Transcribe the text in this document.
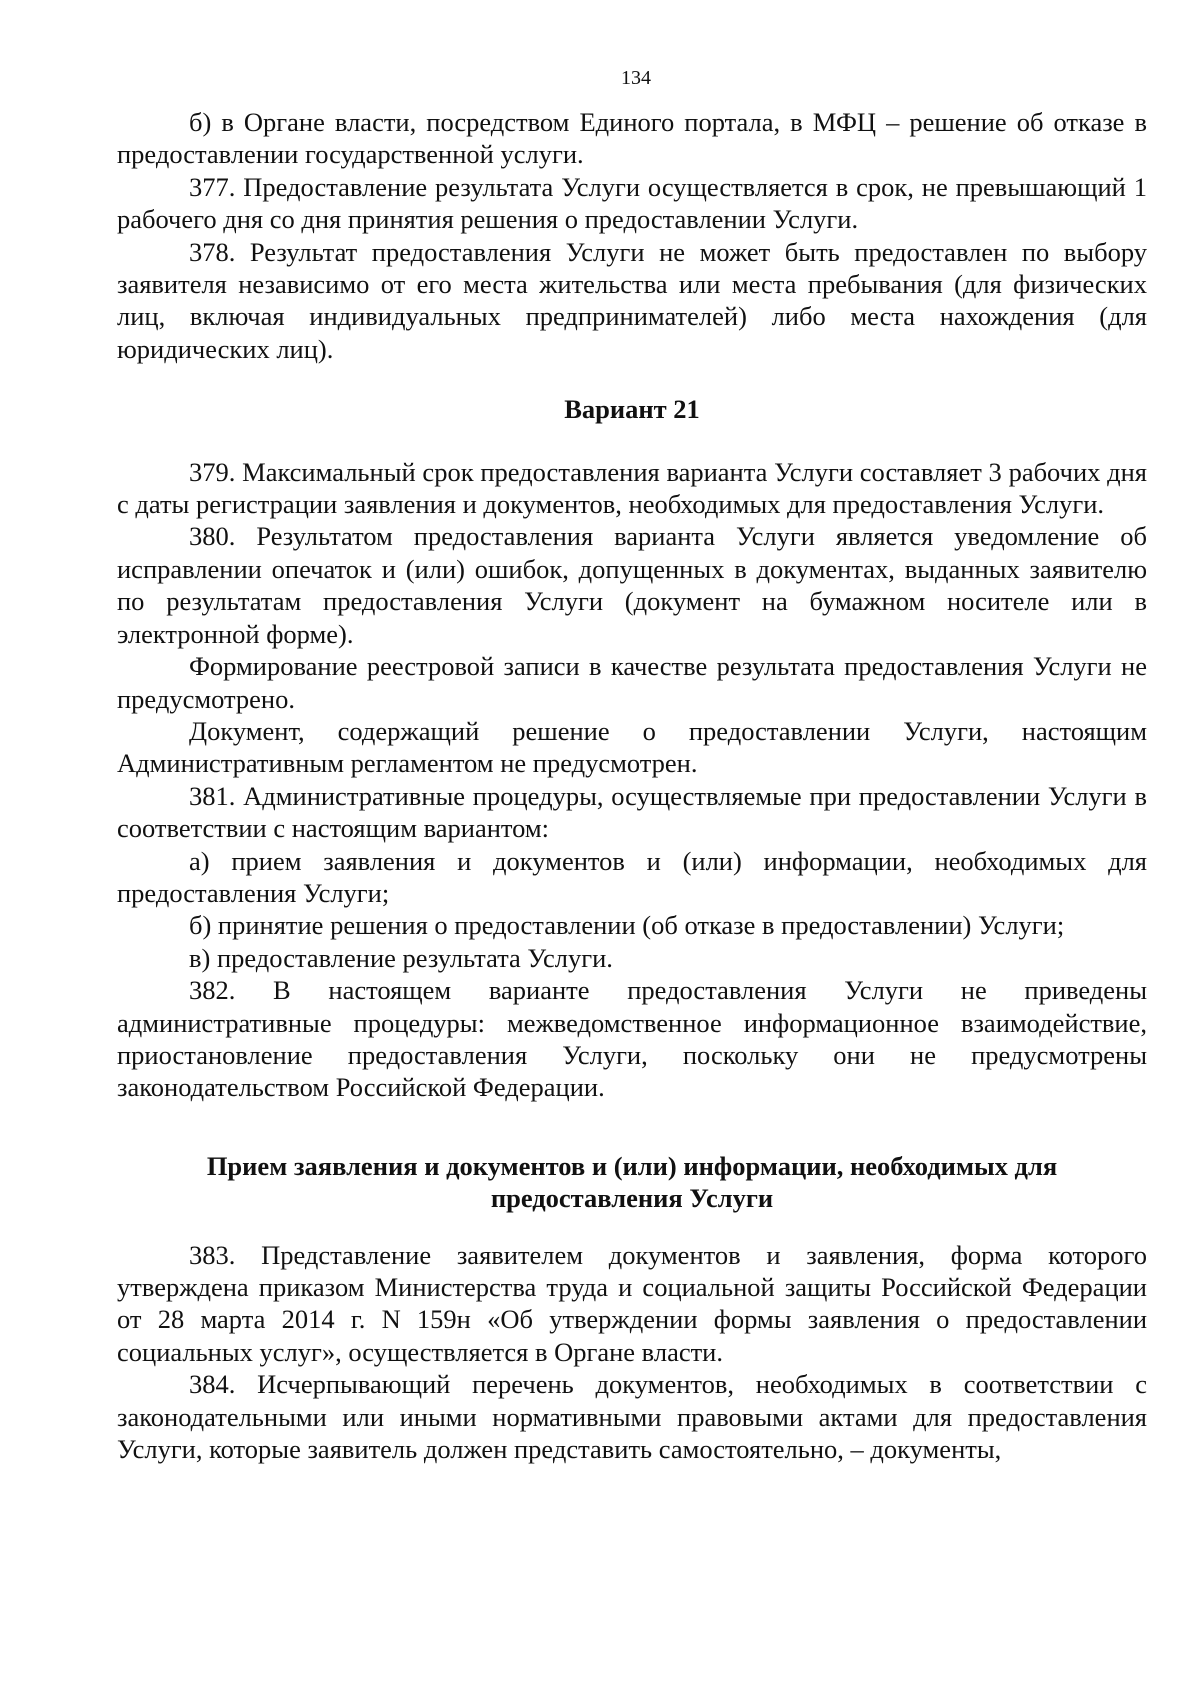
134

б) в Органе власти, посредством Единого портала, в МФЦ – решение об отказе в предоставлении государственной услуги.

377. Предоставление результата Услуги осуществляется в срок, не превышающий 1 рабочего дня со дня принятия решения о предоставлении Услуги.

378. Результат предоставления Услуги не может быть предоставлен по выбору заявителя независимо от его места жительства или места пребывания (для физических лиц, включая индивидуальных предпринимателей) либо места нахождения (для юридических лиц).

Вариант 21

379. Максимальный срок предоставления варианта Услуги составляет 3 рабочих дня с даты регистрации заявления и документов, необходимых для предоставления Услуги.

380. Результатом предоставления варианта Услуги является уведомление об исправлении опечаток и (или) ошибок, допущенных в документах, выданных заявителю по результатам предоставления Услуги (документ на бумажном носителе или в электронной форме).

Формирование реестровой записи в качестве результата предоставления Услуги не предусмотрено.

Документ, содержащий решение о предоставлении Услуги, настоящим Административным регламентом не предусмотрен.

381. Административные процедуры, осуществляемые при предоставлении Услуги в соответствии с настоящим вариантом:

а) прием заявления и документов и (или) информации, необходимых для предоставления Услуги;

б) принятие решения о предоставлении (об отказе в предоставлении) Услуги;

в) предоставление результата Услуги.

382. В настоящем варианте предоставления Услуги не приведены административные процедуры: межведомственное информационное взаимодействие, приостановление предоставления Услуги, поскольку они не предусмотрены законодательством Российской Федерации.

Прием заявления и документов и (или) информации, необходимых для
предоставления Услуги

383. Представление заявителем документов и заявления, форма которого утверждена приказом Министерства труда и социальной защиты Российской Федерации от 28 марта 2014 г. N 159н «Об утверждении формы заявления о предоставлении социальных услуг», осуществляется в Органе власти.

384. Исчерпывающий перечень документов, необходимых в соответствии с законодательными или иными нормативными правовыми актами для предоставления Услуги, которые заявитель должен представить самостоятельно, – документы,
